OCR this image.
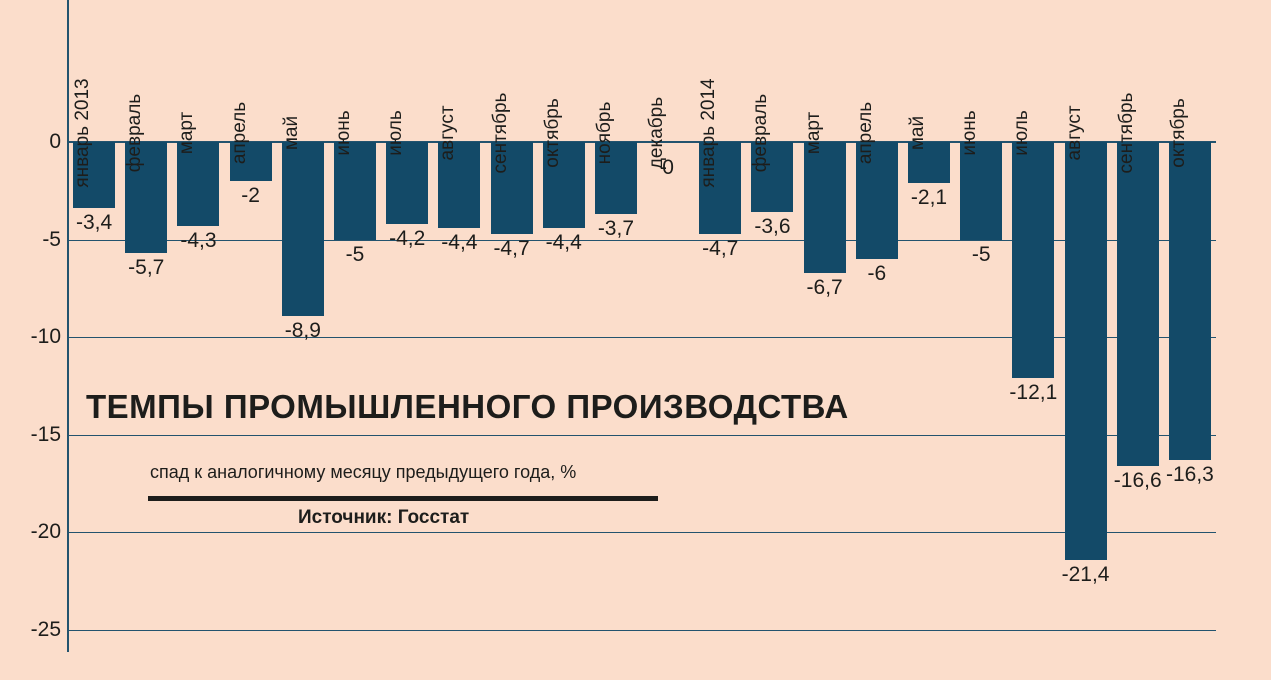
0
-5
-10
-15
-20
-25
январь 2013
-3,4
февраль
-5,7
март
-4,3
апрель
-2
май
-8,9
июнь
-5
июль
-4,2
август
-4,4
сентябрь
-4,7
октябрь
-4,4
ноябрь
-3,7
декабрь
0 январь 2014
-4,7
февраль
-3,6
март
-6,7
апрель
-6
май
-2,1
июнь
-5
июль
-12,1
август
-21,4
сентябрь
-16,6
октябрь
-16,3
ТЕМПЫ ПРОМЫШЛЕННОГО ПРОИЗВОДСТВА
спад к аналогичному месяцу предыдущего года, %
Источник: Госстат
